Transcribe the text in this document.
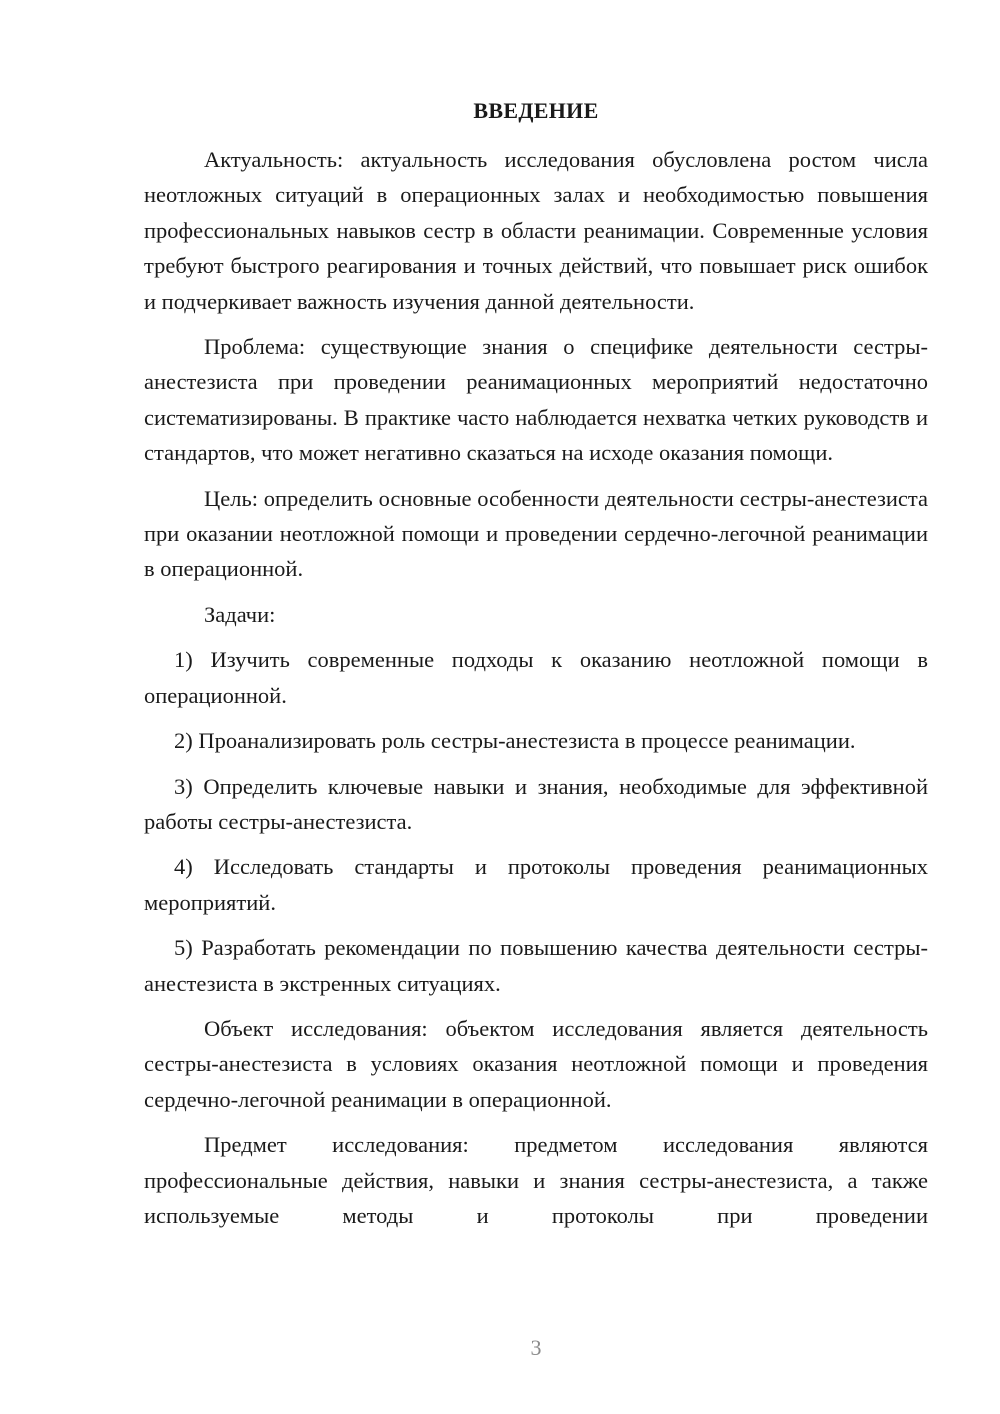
ВВЕДЕНИЕ

Актуальность: актуальность исследования обусловлена ростом числа неотложных ситуаций в операционных залах и необходимостью повышения профессиональных навыков сестр в области реанимации. Современные условия требуют быстрого реагирования и точных действий, что повышает риск ошибок и подчеркивает важность изучения данной деятельности.

Проблема: существующие знания о специфике деятельности сестры-анестезиста при проведении реанимационных мероприятий недостаточно систематизированы. В практике часто наблюдается нехватка четких руководств и стандартов, что может негативно сказаться на исходе оказания помощи.

Цель: определить основные особенности деятельности сестры-анестезиста при оказании неотложной помощи и проведении сердечно-легочной реанимации в операционной.

Задачи:

1) Изучить современные подходы к оказанию неотложной помощи в операционной.

2) Проанализировать роль сестры-анестезиста в процессе реанимации.

3) Определить ключевые навыки и знания, необходимые для эффективной работы сестры-анестезиста.

4) Исследовать стандарты и протоколы проведения реанимационных мероприятий.

5) Разработать рекомендации по повышению качества деятельности сестры-анестезиста в экстренных ситуациях.

Объект исследования: объектом исследования является деятельность сестры-анестезиста в условиях оказания неотложной помощи и проведения сердечно-легочной реанимации в операционной.

Предмет исследования: предметом исследования являются профессиональные действия, навыки и знания сестры-анестезиста, а также используемые методы и протоколы при проведении

3
